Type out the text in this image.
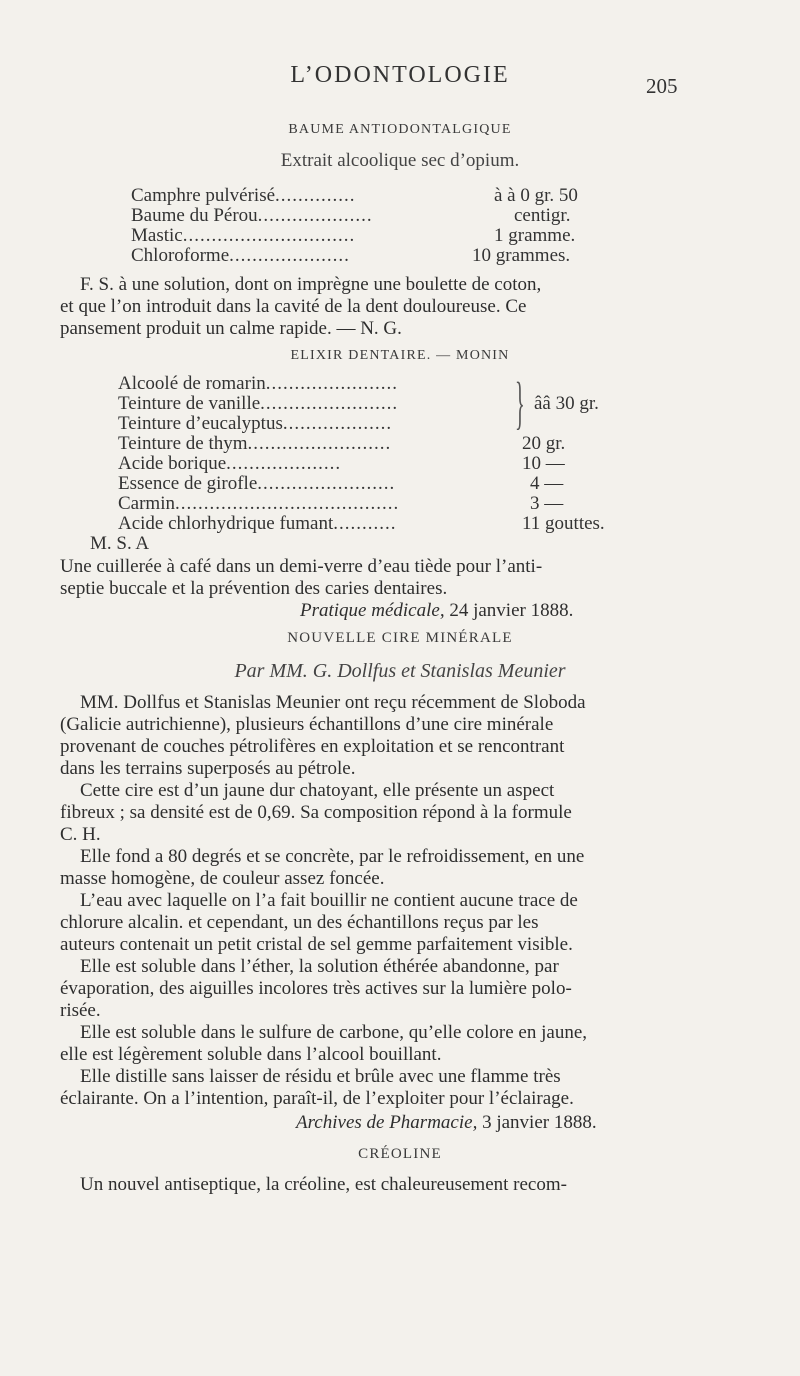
L’ODONTOLOGIE	205
BAUME ANTIODONTALGIQUE
Extrait alcoolique sec d’opium.
Camphre pulvérisé..............	à à 0 gr. 50
Baume du Pérou....................	centigr.
Mastic..............................	1 gramme.
Chloroforme.....................	10 grammes.
F. S. à une solution, dont on imprègne une boulette de coton,
et que l’on introduit dans la cavité de la dent douloureuse. Ce
pansement produit un calme rapide. — N. G.
ELIXIR DENTAIRE. — MONIN
Alcoolé de romarin.......................
Teinture de vanille........................
Teinture d’eucalyptus................... } ââ 30 gr.
Teinture de thym.........................	20 gr.
Acide borique....................	10 —
Essence de girofle........................	4 —
Carmin.......................................	3 —
Acide chlorhydrique fumant...........	11 gouttes.
M. S. A
Une cuillerée à café dans un demi-verre d’eau tiède pour l’anti-
septie buccale et la prévention des caries dentaires.
Pratique médicale, 24 janvier 1888.
NOUVELLE CIRE MINÉRALE
Par MM. G. Dollfus et Stanislas Meunier
MM. Dollfus et Stanislas Meunier ont reçu récemment de Sloboda
(Galicie autrichienne), plusieurs échantillons d’une cire minérale
provenant de couches pétrolifères en exploitation et se rencontrant
dans les terrains superposés au pétrole.
Cette cire est d’un jaune dur chatoyant, elle présente un aspect
fibreux ; sa densité est de 0,69. Sa composition répond à la formule
C. H.
Elle fond a 80 degrés et se concrète, par le refroidissement, en une
masse homogène, de couleur assez foncée.
L’eau avec laquelle on l’a fait bouillir ne contient aucune trace de
chlorure alcalin. et cependant, un des échantillons reçus par les
auteurs contenait un petit cristal de sel gemme parfaitement visible.
Elle est soluble dans l’éther, la solution éthérée abandonne, par
évaporation, des aiguilles incolores très actives sur la lumière polo-
risée.
Elle est soluble dans le sulfure de carbone, qu’elle colore en jaune,
elle est légèrement soluble dans l’alcool bouillant.
Elle distille sans laisser de résidu et brûle avec une flamme très
éclairante. On a l’intention, paraît-il, de l’exploiter pour l’éclairage.
Archives de Pharmacie, 3 janvier 1888.
CRÉOLINE
Un nouvel antiseptique, la créoline, est chaleureusement recom-
